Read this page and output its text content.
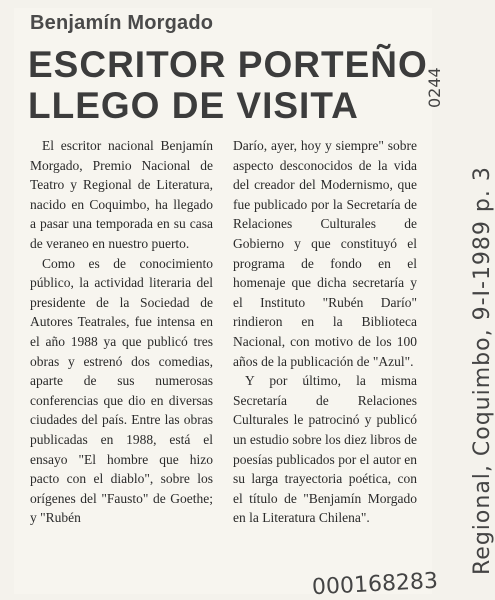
Benjamín Morgado
ESCRITOR PORTEÑO
LLEGO DE VISITA

El escritor nacional Benjamín Morgado, Premio Nacional de Teatro y Regional de Literatura, nacido en Coquimbo, ha llegado a pasar una temporada en su casa de veraneo en nuestro puerto.

Como es de conocimiento público, la actividad literaria del presidente de la Sociedad de Autores Teatrales, fue intensa en el año 1988 ya que publicó tres obras y estrenó dos comedias, aparte de sus numerosas conferencias que dio en diversas ciudades del país. Entre las obras publicadas en 1988, está el ensayo "El hombre que hizo pacto con el diablo", sobre los orígenes del "Fausto" de Goethe; y "Rubén

Darío, ayer, hoy y siempre" sobre aspecto desconocidos de la vida del creador del Modernismo, que fue publicado por la Secretaría de Relaciones Culturales de Gobierno y que constituyó el programa de fondo en el homenaje que dicha secretaría y el Instituto "Rubén Darío" rindieron en la Biblioteca Nacional, con motivo de los 100 años de la publicación de "Azul".

Y por último, la misma Secretaría de Relaciones Culturales le patrocinó y publicó un estudio sobre los diez libros de poesías publicados por el autor en su larga trayectoria poética, con el título de "Benjamín Morgado en la Literatura Chilena".

0244
Regional, Coquimbo, 9-I-1989 p. 3
000168283
